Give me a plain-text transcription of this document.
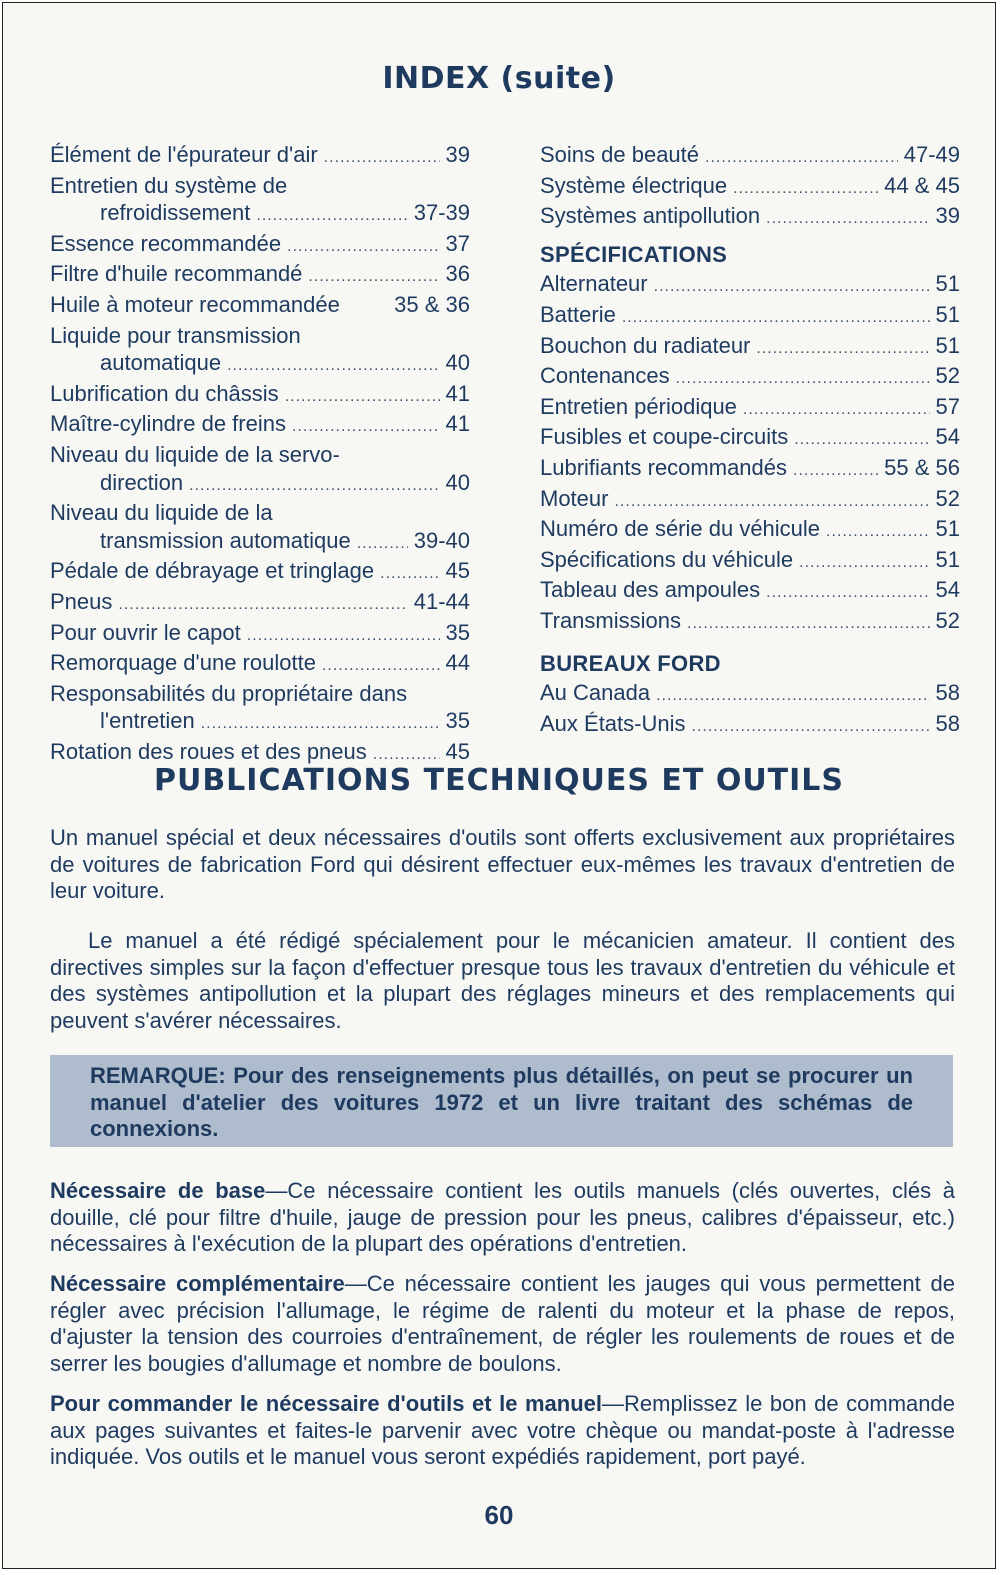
INDEX (suite)
Élément de l'épurateur d'air .....	39
Entretien du système de
refroidissement .....	37-39
Essence recommandée .....	37
Filtre d'huile recommandé .....	36
Huile à moteur recommandée 35 & 36
Liquide pour transmission
automatique .....	40
Lubrification du châssis .....	41
Maître-cylindre de freins .....	41
Niveau du liquide de la servo-
direction .....	40
Niveau du liquide de la
transmission automatique .....	39-40
Pédale de débrayage et tringlage .....	45
Pneus .....	41-44
Pour ouvrir le capot .....	35
Remorquage d'une roulotte .....	44
Responsabilités du propriétaire dans
l'entretien .....	35
Rotation des roues et des pneus .....	45
Soins de beauté .....	47-49
Système électrique .....	44 & 45
Systèmes antipollution .....	39
SPÉCIFICATIONS
Alternateur .....	51
Batterie .....	51
Bouchon du radiateur .....	51
Contenances .....	52
Entretien périodique .....	57
Fusibles et coupe-circuits .....	54
Lubrifiants recommandés .....	55 & 56
Moteur .....	52
Numéro de série du véhicule .....	51
Spécifications du véhicule .....	51
Tableau des ampoules .....	54
Transmissions .....	52
BUREAUX FORD
Au Canada .....	58
Aux États-Unis .....	58
PUBLICATIONS TECHNIQUES ET OUTILS
Un manuel spécial et deux nécessaires d'outils sont offerts exclusivement aux propriétaires de voitures de fabrication Ford qui désirent effectuer eux-mêmes les travaux d'entretien de leur voiture.
Le manuel a été rédigé spécialement pour le mécanicien amateur. Il contient des directives simples sur la façon d'effectuer presque tous les travaux d'entretien du véhicule et des systèmes antipollution et la plupart des réglages mineurs et des remplacements qui peuvent s'avérer nécessaires.
REMARQUE: Pour des renseignements plus détaillés, on peut se procurer un manuel d'atelier des voitures 1972 et un livre traitant des schémas de connexions.
Nécessaire de base—Ce nécessaire contient les outils manuels (clés ouvertes, clés à douille, clé pour filtre d'huile, jauge de pression pour les pneus, calibres d'épaisseur, etc.) nécessaires à l'exécution de la plupart des opérations d'entretien.
Nécessaire complémentaire—Ce nécessaire contient les jauges qui vous permettent de régler avec précision l'allumage, le régime de ralenti du moteur et la phase de repos, d'ajuster la tension des courroies d'entraînement, de régler les roulements de roues et de serrer les bougies d'allumage et nombre de boulons.
Pour commander le nécessaire d'outils et le manuel—Remplissez le bon de commande aux pages suivantes et faites-le parvenir avec votre chèque ou mandat-poste à l'adresse indiquée. Vos outils et le manuel vous seront expédiés rapidement, port payé.
60
